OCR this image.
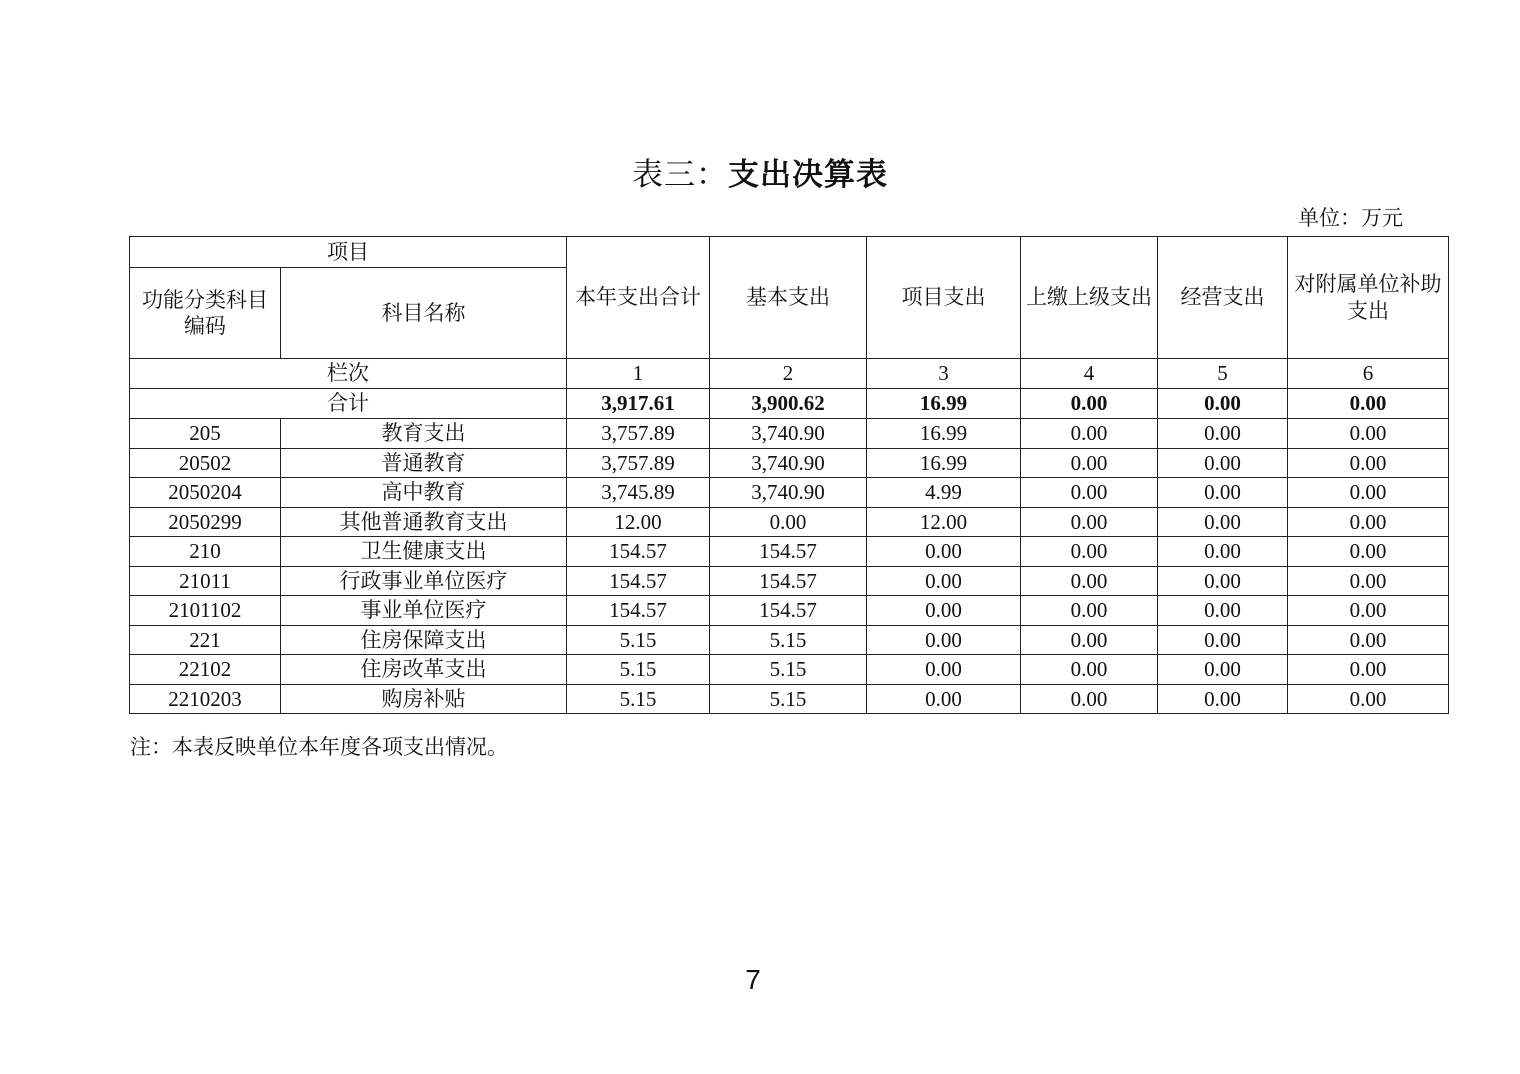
表三：支出决算表
单位：万元
项目		本年支出合计	基本支出	项目支出	上缴上级支出	经营支出	对附属单位补助支出
功能分类科目编码	科目名称						
栏次		1	2	3	4	5	6
合计		3,917.61	3,900.62	16.99	0.00	0.00	0.00
205	教育支出	3,757.89	3,740.90	16.99	0.00	0.00	0.00
20502	普通教育	3,757.89	3,740.90	16.99	0.00	0.00	0.00
2050204	高中教育	3,745.89	3,740.90	4.99	0.00	0.00	0.00
2050299	其他普通教育支出	12.00	0.00	12.00	0.00	0.00	0.00
210	卫生健康支出	154.57	154.57	0.00	0.00	0.00	0.00
21011	行政事业单位医疗	154.57	154.57	0.00	0.00	0.00	0.00
2101102	事业单位医疗	154.57	154.57	0.00	0.00	0.00	0.00
221	住房保障支出	5.15	5.15	0.00	0.00	0.00	0.00
22102	住房改革支出	5.15	5.15	0.00	0.00	0.00	0.00
2210203	购房补贴	5.15	5.15	0.00	0.00	0.00	0.00
注：本表反映单位本年度各项支出情况。
7
